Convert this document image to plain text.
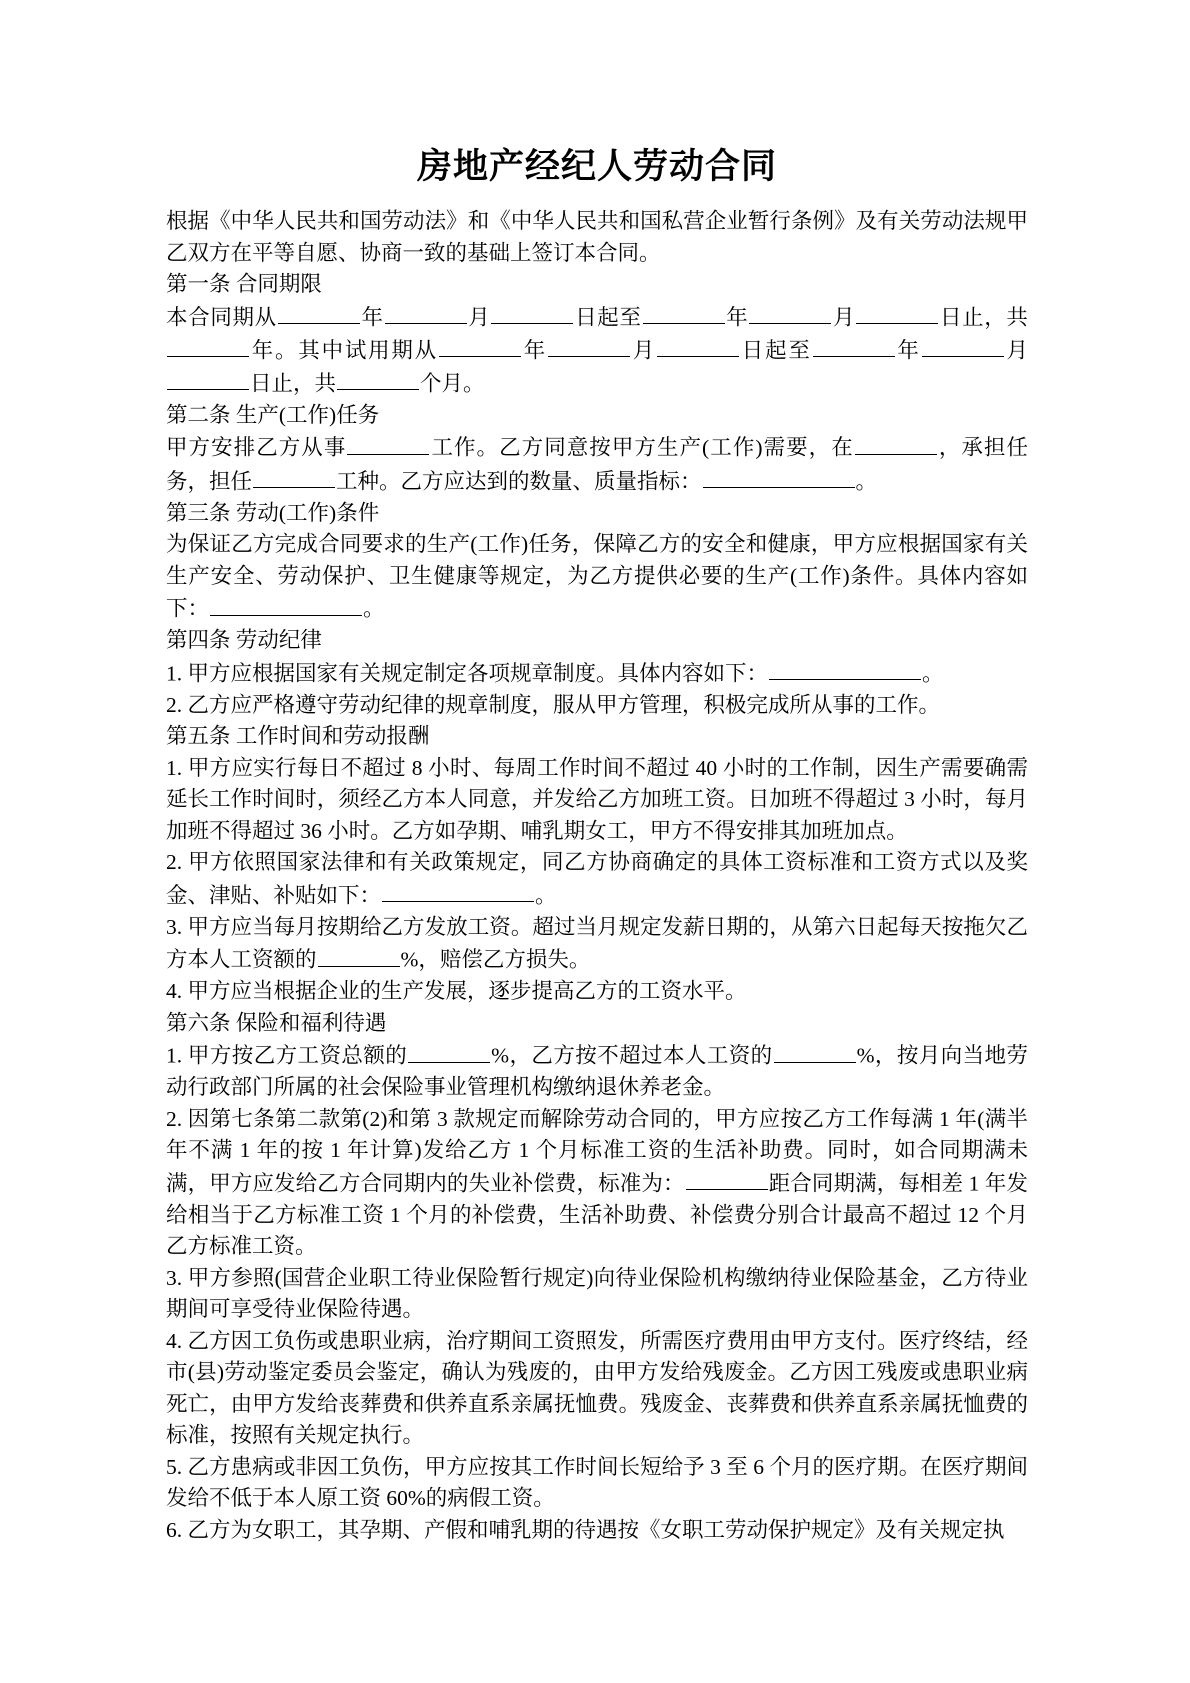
房地产经纪人劳动合同

根据《中华人民共和国劳动法》和《中华人民共和国私营企业暂行条例》及有关劳动法规甲乙双方在平等自愿、协商一致的基础上签订本合同。

第一条 合同期限

本合同期从	年	月	日起至	年	月	日止，共年。其中试用期从	年	月	日起至	年	月日止，共	个月。

第二条 生产(工作)任务

甲方安排乙方从事	工作。乙方同意按甲方生产(工作)需要，在	，承担任务，担任	工种。乙方应达到的数量、质量指标：	。

第三条 劳动(工作)条件

为保证乙方完成合同要求的生产(工作)任务，保障乙方的安全和健康，甲方应根据国家有关生产安全、劳动保护、卫生健康等规定，为乙方提供必要的生产(工作)条件。具体内容如下：	。

第四条 劳动纪律

1. 甲方应根据国家有关规定制定各项规章制度。具体内容如下：	。

2. 乙方应严格遵守劳动纪律的规章制度，服从甲方管理，积极完成所从事的工作。

第五条 工作时间和劳动报酬

1. 甲方应实行每日不超过 8 小时、每周工作时间不超过 40 小时的工作制，因生产需要确需延长工作时间时，须经乙方本人同意，并发给乙方加班工资。日加班不得超过 3 小时，每月加班不得超过 36 小时。乙方如孕期、哺乳期女工，甲方不得安排其加班加点。

2. 甲方依照国家法律和有关政策规定，同乙方协商确定的具体工资标准和工资方式以及奖金、津贴、补贴如下：	。

3. 甲方应当每月按期给乙方发放工资。超过当月规定发薪日期的，从第六日起每天按拖欠乙方本人工资额的	%，赔偿乙方损失。

4. 甲方应当根据企业的生产发展，逐步提高乙方的工资水平。

第六条 保险和福利待遇

1. 甲方按乙方工资总额的	%，乙方按不超过本人工资的	%，按月向当地劳动行政部门所属的社会保险事业管理机构缴纳退休养老金。

2. 因第七条第二款第(2)和第 3 款规定而解除劳动合同的，甲方应按乙方工作每满 1 年(满半年不满 1 年的按 1 年计算)发给乙方 1 个月标准工资的生活补助费。同时，如合同期满未满，甲方应发给乙方合同期内的失业补偿费，标准为：	距合同期满，每相差 1 年发给相当于乙方标准工资 1 个月的补偿费，生活补助费、补偿费分别合计最高不超过 12 个月乙方标准工资。

3. 甲方参照(国营企业职工待业保险暂行规定)向待业保险机构缴纳待业保险基金，乙方待业期间可享受待业保险待遇。

4. 乙方因工负伤或患职业病，治疗期间工资照发，所需医疗费用由甲方支付。医疗终结，经市(县)劳动鉴定委员会鉴定，确认为残废的，由甲方发给残废金。乙方因工残废或患职业病死亡，由甲方发给丧葬费和供养直系亲属抚恤费。残废金、丧葬费和供养直系亲属抚恤费的标准，按照有关规定执行。

5. 乙方患病或非因工负伤，甲方应按其工作时间长短给予 3 至 6 个月的医疗期。在医疗期间发给不低于本人原工资 60%的病假工资。

6. 乙方为女职工，其孕期、产假和哺乳期的待遇按《女职工劳动保护规定》及有关规定执
